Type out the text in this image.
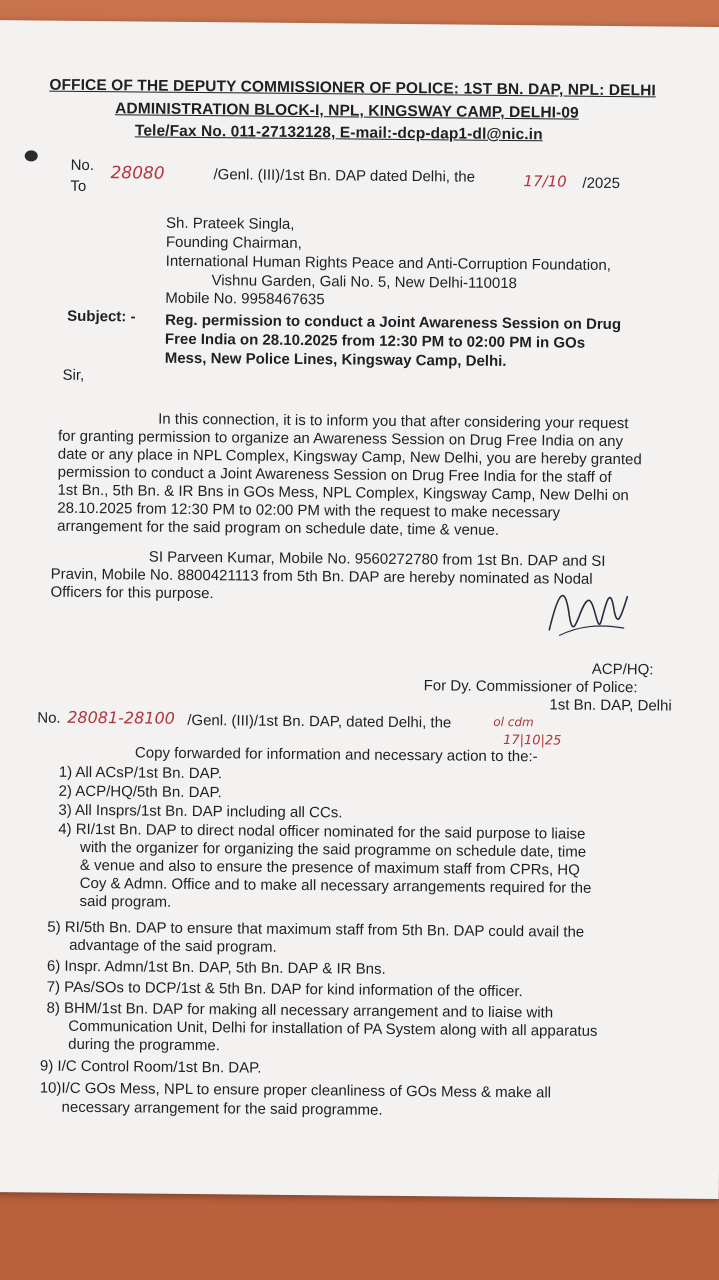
OFFICE OF THE DEPUTY COMMISSIONER OF POLICE: 1ST BN. DAP, NPL: DELHI
ADMINISTRATION BLOCK-I, NPL, KINGSWAY CAMP, DELHI-09
Tele/Fax No. 011-27132128, E-mail:-dcp-dap1-dl@nic.in
No. 28080	/Genl. (III)/1st Bn. DAP dated Delhi, the	17/10 /2025
To
Sh. Prateek Singla,
Founding Chairman,
International Human Rights Peace and Anti-Corruption Foundation,
Vishnu Garden, Gali No. 5, New Delhi-110018
Mobile No. 9958467635
Subject: - Reg. permission to conduct a Joint Awareness Session on Drug
Free India on 28.10.2025 from 12:30 PM to 02:00 PM in GOs
Mess, New Police Lines, Kingsway Camp, Delhi.
Sir,
In this connection, it is to inform you that after considering your request
for granting permission to organize an Awareness Session on Drug Free India on any
date or any place in NPL Complex, Kingsway Camp, New Delhi, you are hereby granted
permission to conduct a Joint Awareness Session on Drug Free India for the staff of
1st Bn., 5th Bn. & IR Bns in GOs Mess, NPL Complex, Kingsway Camp, New Delhi on
28.10.2025 from 12:30 PM to 02:00 PM with the request to make necessary
arrangement for the said program on schedule date, time & venue.
SI Parveen Kumar, Mobile No. 9560272780 from 1st Bn. DAP and SI
Pravin, Mobile No. 8800421113 from 5th Bn. DAP are hereby nominated as Nodal
Officers for this purpose.
ACP/HQ:
For Dy. Commissioner of Police:
1st Bn. DAP, Delhi
No. 28081-28100 /Genl. (III)/1st Bn. DAP, dated Delhi, the	ol cdm
17|10|25
Copy forwarded for information and necessary action to the:-
1) All ACsP/1st Bn. DAP.
2) ACP/HQ/5th Bn. DAP.
3) All Insprs/1st Bn. DAP including all CCs.
4) RI/1st Bn. DAP to direct nodal officer nominated for the said purpose to liaise
with the organizer for organizing the said programme on schedule date, time
& venue and also to ensure the presence of maximum staff from CPRs, HQ
Coy & Admn. Office and to make all necessary arrangements required for the
said program.
5) RI/5th Bn. DAP to ensure that maximum staff from 5th Bn. DAP could avail the
advantage of the said program.
6) Inspr. Admn/1st Bn. DAP, 5th Bn. DAP & IR Bns.
7) PAs/SOs to DCP/1st & 5th Bn. DAP for kind information of the officer.
8) BHM/1st Bn. DAP for making all necessary arrangement and to liaise with
Communication Unit, Delhi for installation of PA System along with all apparatus
during the programme.
9) I/C Control Room/1st Bn. DAP.
10)I/C GOs Mess, NPL to ensure proper cleanliness of GOs Mess & make all
necessary arrangement for the said programme.
